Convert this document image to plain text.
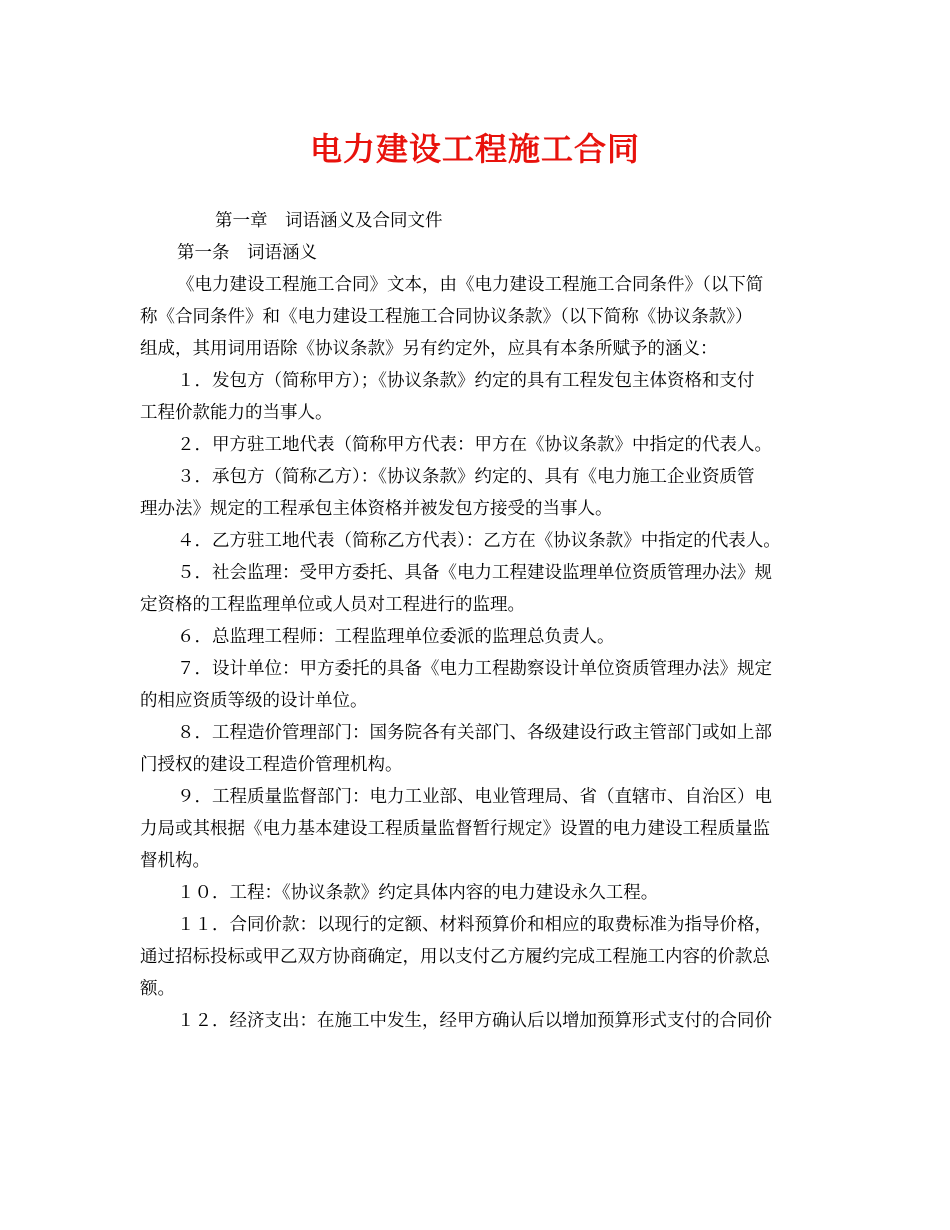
电力建设工程施工合同

第一章　词语涵义及合同文件

第一条　词语涵义

《电力建设工程施工合同》文本，由《电力建设工程施工合同条件》（以下简

称《合同条件》和《电力建设工程施工合同协议条款》（以下简称《协议条款》）

组成，其用词用语除《协议条款》另有约定外，应具有本条所赋予的涵义：

１．发包方（简称甲方）；《协议条款》约定的具有工程发包主体资格和支付

工程价款能力的当事人。

２．甲方驻工地代表（简称甲方代表：甲方在《协议条款》中指定的代表人。

３．承包方（简称乙方）：《协议条款》约定的、具有《电力施工企业资质管

理办法》规定的工程承包主体资格并被发包方接受的当事人。

４．乙方驻工地代表（简称乙方代表）：乙方在《协议条款》中指定的代表人。

５．社会监理：受甲方委托、具备《电力工程建设监理单位资质管理办法》规

定资格的工程监理单位或人员对工程进行的监理。

６．总监理工程师：工程监理单位委派的监理总负责人。

７．设计单位：甲方委托的具备《电力工程勘察设计单位资质管理办法》规定

的相应资质等级的设计单位。

８．工程造价管理部门：国务院各有关部门、各级建设行政主管部门或如上部

门授权的建设工程造价管理机构。

９．工程质量监督部门：电力工业部、电业管理局、省（直辖市、自治区）电

力局或其根据《电力基本建设工程质量监督暂行规定》设置的电力建设工程质量监

督机构。

１０．工程：《协议条款》约定具体内容的电力建设永久工程。

１１．合同价款：以现行的定额、材料预算价和相应的取费标准为指导价格，

通过招标投标或甲乙双方协商确定，用以支付乙方履约完成工程施工内容的价款总

额。

１２．经济支出：在施工中发生，经甲方确认后以增加预算形式支付的合同价
